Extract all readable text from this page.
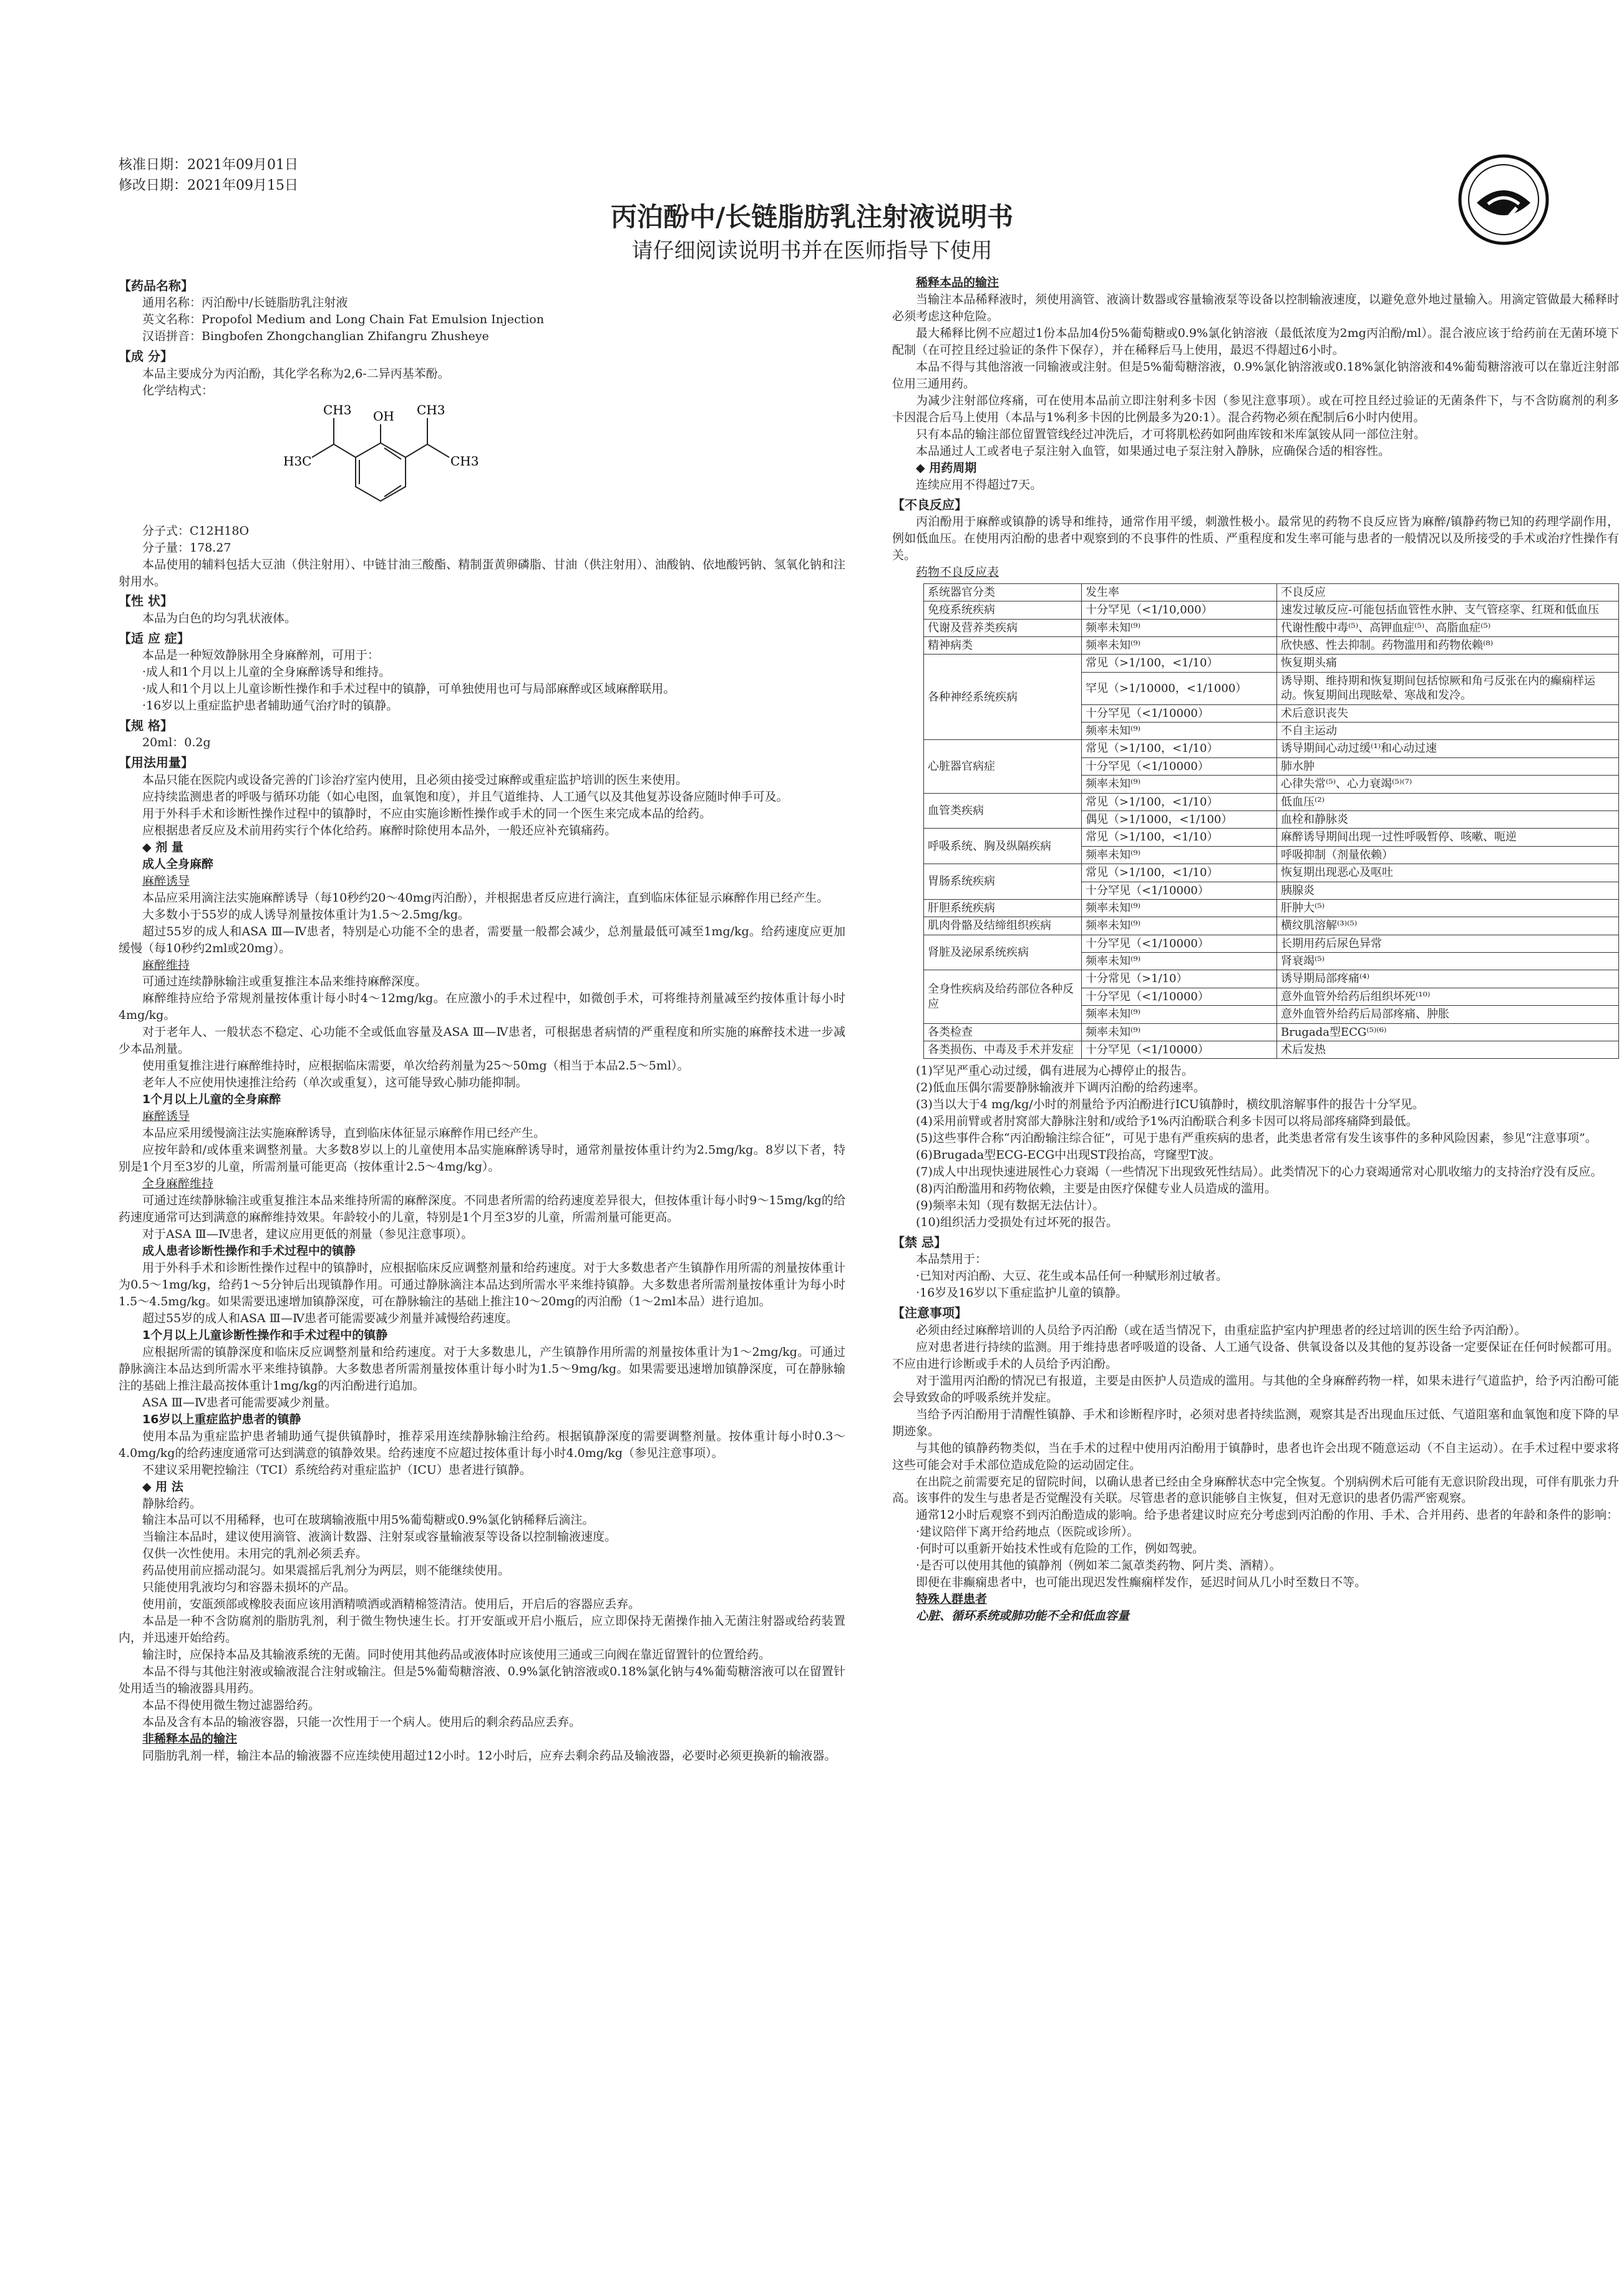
核准日期：2021年09月01日
修改日期：2021年09月15日
丙泊酚中/长链脂肪乳注射液说明书
请仔细阅读说明书并在医师指导下使用
【药品名称】

通用名称：丙泊酚中/长链脂肪乳注射液

英文名称：Propofol Medium and Long Chain Fat Emulsion Injection

汉语拼音：Bingbofen Zhongchanglian Zhifangru Zhusheye

【成 分】

本品主要成分为丙泊酚，其化学名称为2,6-二异丙基苯酚。

化学结构式：

OH
CH3	CH3
H3C	CH3

分子式：C12H18O

分子量：178.27

本品使用的辅料包括大豆油（供注射用）、中链甘油三酸酯、精制蛋黄卵磷脂、甘油（供注射用）、油酸钠、依地酸钙钠、氢氧化钠和注射用水。

【性 状】

本品为白色的均匀乳状液体。

【适 应 症】

本品是一种短效静脉用全身麻醉剂，可用于：

·成人和1个月以上儿童的全身麻醉诱导和维持。

·成人和1个月以上儿童诊断性操作和手术过程中的镇静，可单独使用也可与局部麻醉或区域麻醉联用。

·16岁以上重症监护患者辅助通气治疗时的镇静。

【规 格】

20ml：0.2g

【用法用量】

本品只能在医院内或设备完善的门诊治疗室内使用，且必须由接受过麻醉或重症监护培训的医生来使用。

应持续监测患者的呼吸与循环功能（如心电图，血氧饱和度），并且气道维持、人工通气以及其他复苏设备应随时伸手可及。

用于外科手术和诊断性操作过程中的镇静时，不应由实施诊断性操作或手术的同一个医生来完成本品的给药。

应根据患者反应及术前用药实行个体化给药。麻醉时除使用本品外，一般还应补充镇痛药。

◆ 剂 量
成人全身麻醉
麻醉诱导

本品应采用滴注法实施麻醉诱导（每10秒约20～40mg丙泊酚），并根据患者反应进行滴注，直到临床体征显示麻醉作用已经产生。

大多数小于55岁的成人诱导剂量按体重计为1.5～2.5mg/kg。

超过55岁的成人和ASA Ⅲ—Ⅳ患者，特别是心功能不全的患者，需要量一般都会减少，总剂量最低可减至1mg/kg。给药速度应更加缓慢（每10秒约2ml或20mg）。

麻醉维持

可通过连续静脉输注或重复推注本品来维持麻醉深度。

麻醉维持应给予常规剂量按体重计每小时4～12mg/kg。在应激小的手术过程中，如微创手术，可将维持剂量减至约按体重计每小时4mg/kg。

对于老年人、一般状态不稳定、心功能不全或低血容量及ASA Ⅲ—Ⅳ患者，可根据患者病情的严重程度和所实施的麻醉技术进一步减少本品剂量。

使用重复推注进行麻醉维持时，应根据临床需要，单次给药剂量为25～50mg（相当于本品2.5～5ml）。

老年人不应使用快速推注给药（单次或重复），这可能导致心肺功能抑制。

1个月以上儿童的全身麻醉
麻醉诱导

本品应采用缓慢滴注法实施麻醉诱导，直到临床体征显示麻醉作用已经产生。

应按年龄和/或体重来调整剂量。大多数8岁以上的儿童使用本品实施麻醉诱导时，通常剂量按体重计约为2.5mg/kg。8岁以下者，特别是1个月至3岁的儿童，所需剂量可能更高（按体重计2.5～4mg/kg）。

全身麻醉维持

可通过连续静脉输注或重复推注本品来维持所需的麻醉深度。不同患者所需的给药速度差异很大，但按体重计每小时9～15mg/kg的给药速度通常可达到满意的麻醉维持效果。年龄较小的儿童，特别是1个月至3岁的儿童，所需剂量可能更高。

对于ASA Ⅲ—Ⅳ患者，建议应用更低的剂量（参见注意事项）。

成人患者诊断性操作和手术过程中的镇静

用于外科手术和诊断性操作过程中的镇静时，应根据临床反应调整剂量和给药速度。对于大多数患者产生镇静作用所需的剂量按体重计为0.5～1mg/kg，给药1～5分钟后出现镇静作用。可通过静脉滴注本品达到所需水平来维持镇静。大多数患者所需剂量按体重计为每小时1.5～4.5mg/kg。如果需要迅速增加镇静深度，可在静脉输注的基础上推注10～20mg的丙泊酚（1～2ml本品）进行追加。

超过55岁的成人和ASA Ⅲ—Ⅳ患者可能需要减少剂量并减慢给药速度。

1个月以上儿童诊断性操作和手术过程中的镇静

应根据所需的镇静深度和临床反应调整剂量和给药速度。对于大多数患儿，产生镇静作用所需的剂量按体重计为1～2mg/kg。可通过静脉滴注本品达到所需水平来维持镇静。大多数患者所需剂量按体重计每小时为1.5～9mg/kg。如果需要迅速增加镇静深度，可在静脉输注的基础上推注最高按体重计1mg/kg的丙泊酚进行追加。

ASA Ⅲ—Ⅳ患者可能需要减少剂量。

16岁以上重症监护患者的镇静

使用本品为重症监护患者辅助通气提供镇静时，推荐采用连续静脉输注给药。根据镇静深度的需要调整剂量。按体重计每小时0.3～4.0mg/kg的给药速度通常可达到满意的镇静效果。给药速度不应超过按体重计每小时4.0mg/kg（参见注意事项）。

不建议采用靶控输注（TCI）系统给药对重症监护（ICU）患者进行镇静。

◆ 用 法

静脉给药。

输注本品可以不用稀释，也可在玻璃输液瓶中用5%葡萄糖或0.9%氯化钠稀释后滴注。

当输注本品时，建议使用滴管、液滴计数器、注射泵或容量输液泵等设备以控制输液速度。

仅供一次性使用。未用完的乳剂必须丢弃。

药品使用前应摇动混匀。如果震摇后乳剂分为两层，则不能继续使用。

只能使用乳液均匀和容器未损坏的产品。

使用前，安瓿颈部或橡胶表面应该用酒精喷洒或酒精棉签清洁。使用后，开启后的容器应丢弃。

本品是一种不含防腐剂的脂肪乳剂，利于微生物快速生长。打开安瓿或开启小瓶后，应立即保持无菌操作抽入无菌注射器或给药装置内，并迅速开始给药。

输注时，应保持本品及其输液系统的无菌。同时使用其他药品或液体时应该使用三通或三向阀在靠近留置针的位置给药。

本品不得与其他注射液或输液混合注射或输注。但是5%葡萄糖溶液、0.9%氯化钠溶液或0.18%氯化钠与4%葡萄糖溶液可以在留置针处用适当的输液器具用药。

本品不得使用微生物过滤器给药。

本品及含有本品的输液容器，只能一次性用于一个病人。使用后的剩余药品应丢弃。

非稀释本品的输注

同脂肪乳剂一样，输注本品的输液器不应连续使用超过12小时。12小时后，应弃去剩余药品及输液器，必要时必须更换新的输液器。

稀释本品的输注

当输注本品稀释液时，须使用滴管、液滴计数器或容量输液泵等设备以控制输液速度，以避免意外地过量输入。用滴定管做最大稀释时必须考虑这种危险。

最大稀释比例不应超过1份本品加4份5%葡萄糖或0.9%氯化钠溶液（最低浓度为2mg丙泊酚/ml）。混合液应该于给药前在无菌环境下配制（在可控且经过验证的条件下保存），并在稀释后马上使用，最迟不得超过6小时。

本品不得与其他溶液一同输液或注射。但是5%葡萄糖溶液，0.9%氯化钠溶液或0.18%氯化钠溶液和4%葡萄糖溶液可以在靠近注射部位用三通用药。

为减少注射部位疼痛，可在使用本品前立即注射利多卡因（参见注意事项）。或在可控且经过验证的无菌条件下，与不含防腐剂的利多卡因混合后马上使用（本品与1%利多卡因的比例最多为20:1）。混合药物必须在配制后6小时内使用。

只有本品的输注部位留置管线经过冲洗后，才可将肌松药如阿曲库铵和米库氯铵从同一部位注射。

本品通过人工或者电子泵注射入血管，如果通过电子泵注射入静脉，应确保合适的相容性。

◆ 用药周期

连续应用不得超过7天。

【不良反应】

丙泊酚用于麻醉或镇静的诱导和维持，通常作用平缓，刺激性极小。最常见的药物不良反应皆为麻醉/镇静药物已知的药理学副作用，例如低血压。在使用丙泊酚的患者中观察到的不良事件的性质、严重程度和发生率可能与患者的一般情况以及所接受的手术或治疗性操作有关。

药物不良反应表
系统器官分类	发生率	不良反应
免疫系统疾病	十分罕见（<1/10,000）	速发过敏反应-可能包括血管性水肿、支气管痉挛、红斑和低血压
代谢及营养类疾病	频率未知⁽⁹⁾	代谢性酸中毒⁽⁵⁾、高钾血症⁽⁵⁾、高脂血症⁽⁵⁾
精神病类	频率未知⁽⁹⁾	欣快感、性去抑制。药物滥用和药物依赖⁽⁸⁾
各种神经系统疾病	常见（>1/100，<1/10）	恢复期头痛
	罕见（>1/10000，<1/1000）	诱导期、维持期和恢复期间包括惊厥和角弓反张在内的癫痫样运动。恢复期间出现眩晕、寒战和发冷。
	十分罕见（<1/10000）	术后意识丧失
	频率未知⁽⁹⁾	不自主运动
心脏器官病症	常见（>1/100，<1/10）	诱导期间心动过缓⁽¹⁾和心动过速
	十分罕见（<1/10000）	肺水肿
	频率未知⁽⁹⁾	心律失常⁽⁵⁾、心力衰竭⁽⁵⁾⁽⁷⁾
血管类疾病	常见（>1/100，<1/10）	低血压⁽²⁾
	偶见（>1/1000，<1/100）	血栓和静脉炎
呼吸系统、胸及纵隔疾病	常见（>1/100，<1/10）	麻醉诱导期间出现一过性呼吸暂停、咳嗽、呃逆
	频率未知⁽⁹⁾	呼吸抑制（剂量依赖）
胃肠系统疾病	常见（>1/100，<1/10）	恢复期出现恶心及呕吐
	十分罕见（<1/10000）	胰腺炎
肝胆系统疾病	频率未知⁽⁹⁾	肝肿大⁽⁵⁾
肌肉骨骼及结缔组织疾病	频率未知⁽⁹⁾	横纹肌溶解⁽³⁾⁽⁵⁾
肾脏及泌尿系统疾病	十分罕见（<1/10000）	长期用药后尿色异常
	频率未知⁽⁹⁾	肾衰竭⁽⁵⁾
全身性疾病及给药部位各种反应	十分常见（>1/10）	诱导期局部疼痛⁽⁴⁾
	十分罕见（<1/10000）	意外血管外给药后组织坏死⁽¹⁰⁾
	频率未知⁽⁹⁾	意外血管外给药后局部疼痛、肿胀
各类检查	频率未知⁽⁹⁾	Brugada型ECG⁽⁵⁾⁽⁶⁾
各类损伤、中毒及手术并发症	十分罕见（<1/10000）	术后发热

(1)罕见严重心动过缓，偶有进展为心搏停止的报告。

(2)低血压偶尔需要静脉输液并下调丙泊酚的给药速率。

(3)当以大于4 mg/kg/小时的剂量给予丙泊酚进行ICU镇静时，横纹肌溶解事件的报告十分罕见。

(4)采用前臂或者肘窝部大静脉注射和/或给予1%丙泊酚联合利多卡因可以将局部疼痛降到最低。

(5)这些事件合称“丙泊酚输注综合征”，可见于患有严重疾病的患者，此类患者常有发生该事件的多种风险因素，参见“注意事项”。

(6)Brugada型ECG-ECG中出现ST段抬高，穹窿型T波。

(7)成人中出现快速进展性心力衰竭（一些情况下出现致死性结局）。此类情况下的心力衰竭通常对心肌收缩力的支持治疗没有反应。

(8)丙泊酚滥用和药物依赖，主要是由医疗保健专业人员造成的滥用。

(9)频率未知（现有数据无法估计）。

(10)组织活力受损处有过坏死的报告。

【禁 忌】

本品禁用于：

·已知对丙泊酚、大豆、花生或本品任何一种赋形剂过敏者。

·16岁及16岁以下重症监护儿童的镇静。

【注意事项】

必须由经过麻醉培训的人员给予丙泊酚（或在适当情况下，由重症监护室内护理患者的经过培训的医生给予丙泊酚）。

应对患者进行持续的监测。用于维持患者呼吸道的设备、人工通气设备、供氧设备以及其他的复苏设备一定要保证在任何时候都可用。不应由进行诊断或手术的人员给予丙泊酚。

对于滥用丙泊酚的情况已有报道，主要是由医护人员造成的滥用。与其他的全身麻醉药物一样，如果未进行气道监护，给予丙泊酚可能会导致致命的呼吸系统并发症。

当给予丙泊酚用于清醒性镇静、手术和诊断程序时，必须对患者持续监测，观察其是否出现血压过低、气道阻塞和血氧饱和度下降的早期迹象。

与其他的镇静药物类似，当在手术的过程中使用丙泊酚用于镇静时，患者也许会出现不随意运动（不自主运动）。在手术过程中要求将这些可能会对手术部位造成危险的运动固定住。

在出院之前需要充足的留院时间，以确认患者已经由全身麻醉状态中完全恢复。个别病例术后可能有无意识阶段出现，可伴有肌张力升高。该事件的发生与患者是否觉醒没有关联。尽管患者的意识能够自主恢复，但对无意识的患者仍需严密观察。

通常12小时后观察不到丙泊酚造成的影响。给予患者建议时应充分考虑到丙泊酚的作用、手术、合并用药、患者的年龄和条件的影响：

·建议陪伴下离开给药地点（医院或诊所）。

·何时可以重新开始技术性或有危险的工作，例如驾驶。

·是否可以使用其他的镇静剂（例如苯二氮䓬类药物、阿片类、酒精）。

即便在非癫痫患者中，也可能出现迟发性癫痫样发作，延迟时间从几小时至数日不等。

特殊人群患者
心脏、循环系统或肺功能不全和低血容量
